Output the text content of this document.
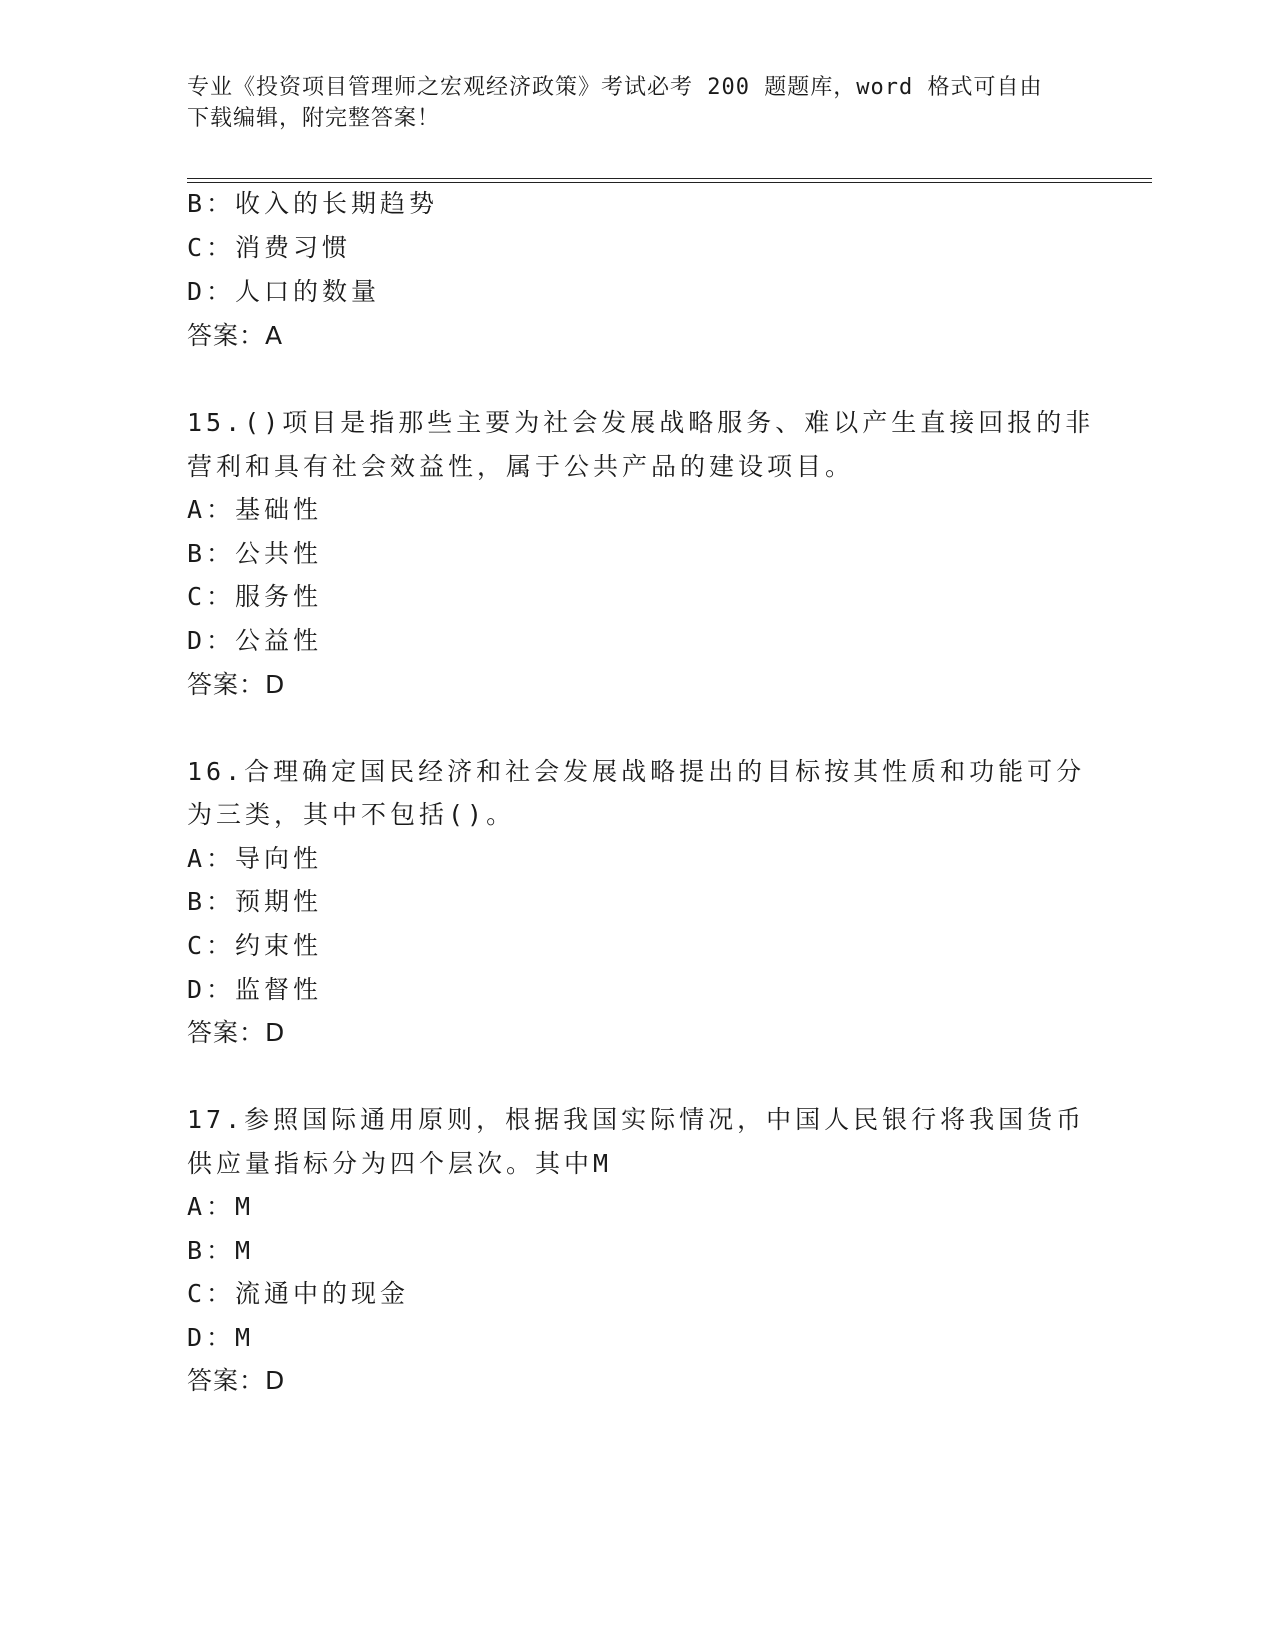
专业《投资项目管理师之宏观经济政策》考试必考 200 题题库，word 格式可自由
下载编辑，附完整答案！
B：收入的长期趋势
C：消费习惯
D：人口的数量
答案：A
15.()项目是指那些主要为社会发展战略服务、难以产生直接回报的非
营利和具有社会效益性，属于公共产品的建设项目。
A：基础性
B：公共性
C：服务性
D：公益性
答案：D
16.合理确定国民经济和社会发展战略提出的目标按其性质和功能可分
为三类，其中不包括()。
A：导向性
B：预期性
C：约束性
D：监督性
答案：D
17.参照国际通用原则，根据我国实际情况，中国人民银行将我国货币
供应量指标分为四个层次。其中M
A：M
B：M
C：流通中的现金
D：M
答案：D
